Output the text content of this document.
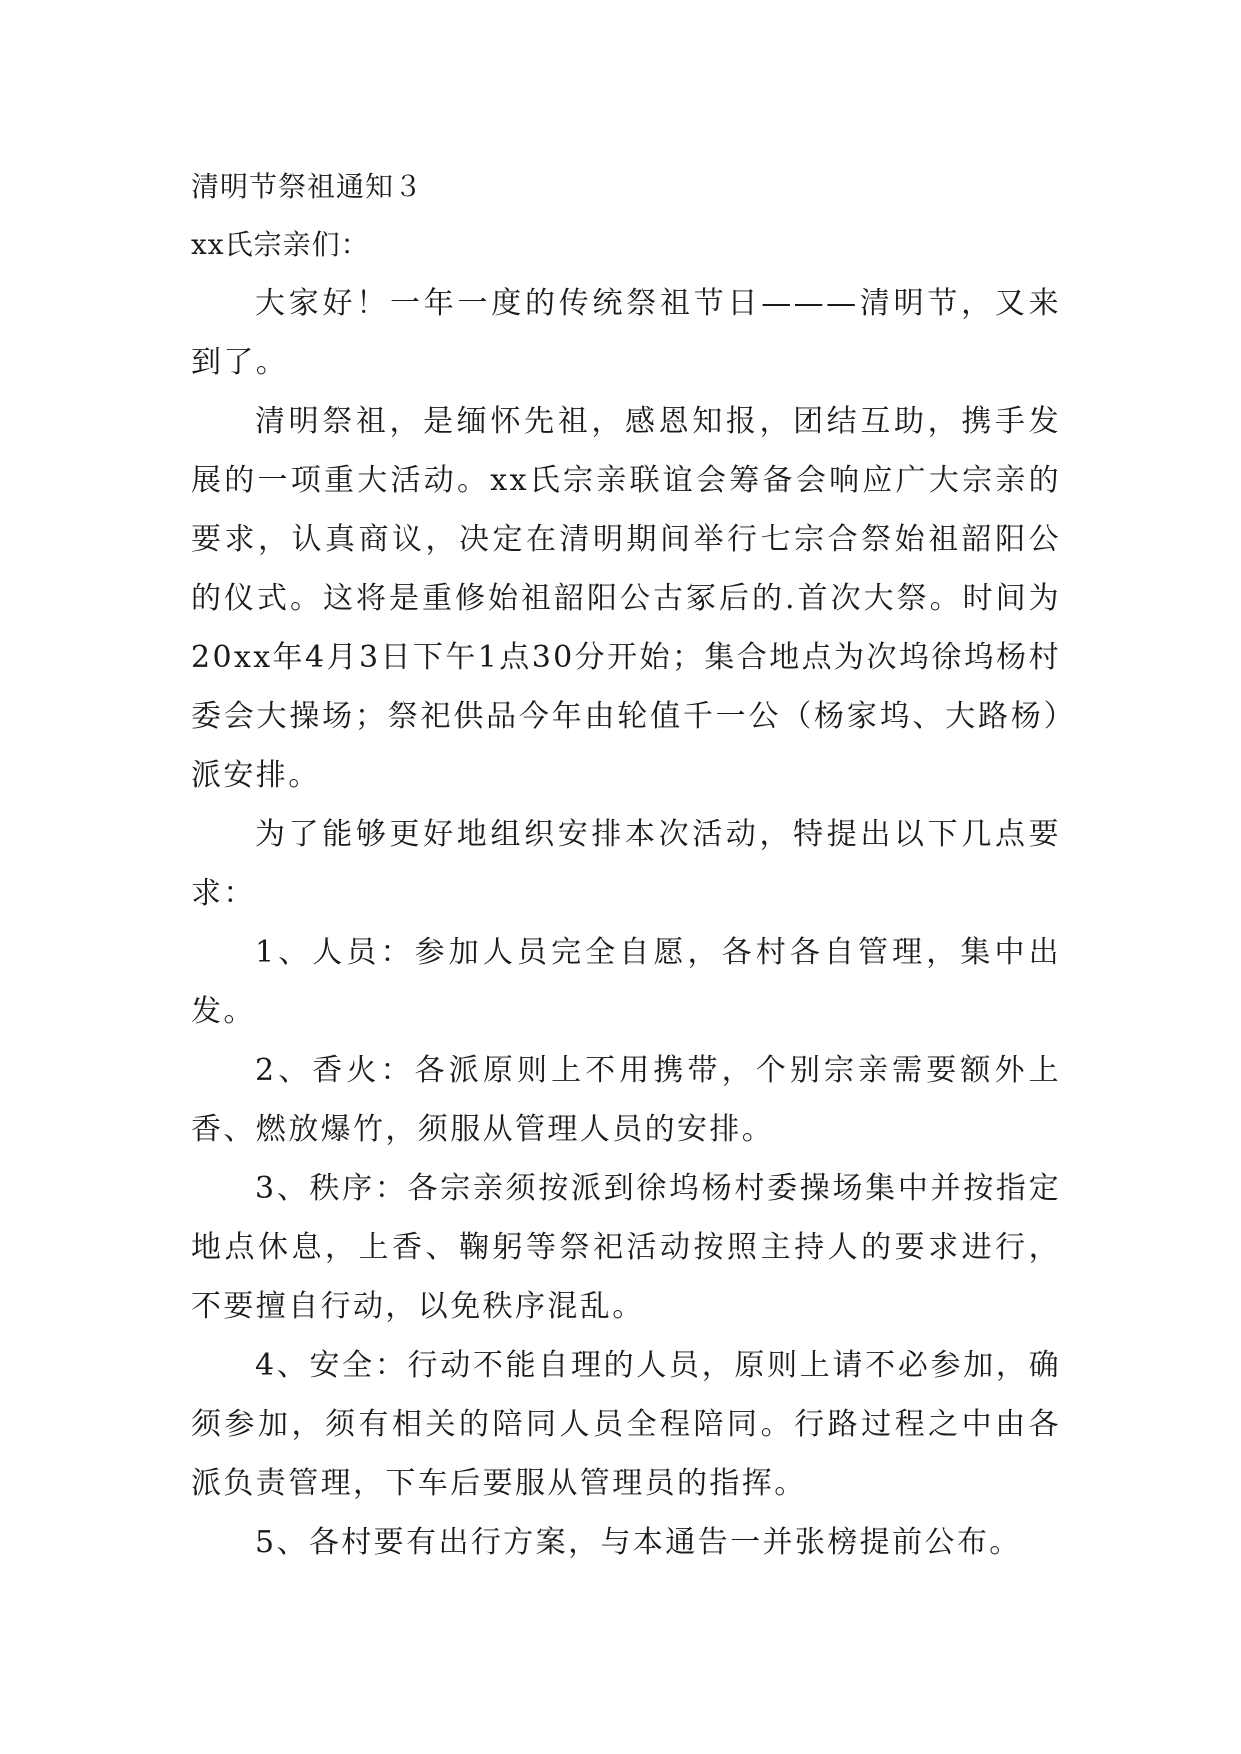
清明节祭祖通知３

xx氏宗亲们：

大家好！一年一度的传统祭祖节日———清明节，又来到了。

清明祭祖，是缅怀先祖，感恩知报，团结互助，携手发展的一项重大活动。xx氏宗亲联谊会筹备会响应广大宗亲的要求，认真商议，决定在清明期间举行七宗合祭始祖韶阳公的仪式。这将是重修始祖韶阳公古冢后的.首次大祭。时间为20xx年4月3日下午1点30分开始；集合地点为次坞徐坞杨村委会大操场；祭祀供品今年由轮值千一公（杨家坞、大路杨）派安排。

为了能够更好地组织安排本次活动，特提出以下几点要求：

1、人员：参加人员完全自愿，各村各自管理，集中出发。

2、香火：各派原则上不用携带，个别宗亲需要额外上香、燃放爆竹，须服从管理人员的安排。

3、秩序：各宗亲须按派到徐坞杨村委操场集中并按指定地点休息，上香、鞠躬等祭祀活动按照主持人的要求进行，不要擅自行动，以免秩序混乱。

4、安全：行动不能自理的人员，原则上请不必参加，确须参加，须有相关的陪同人员全程陪同。行路过程之中由各派负责管理，下车后要服从管理员的指挥。

5、各村要有出行方案，与本通告一并张榜提前公布。
